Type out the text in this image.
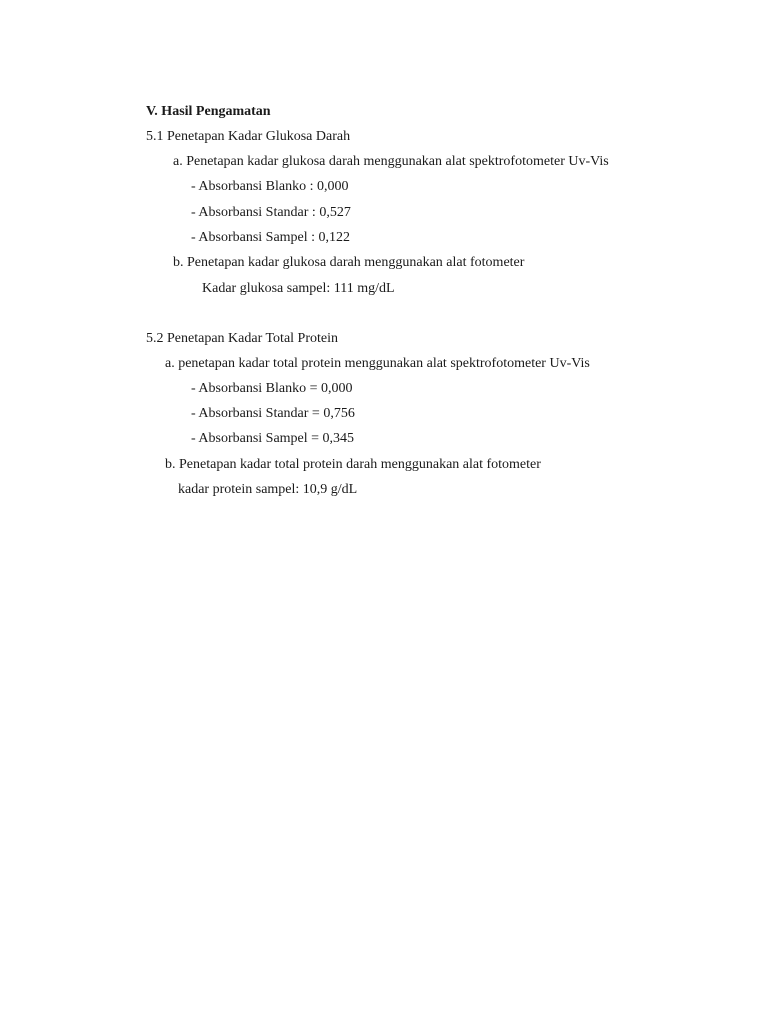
V. Hasil Pengamatan
5.1 Penetapan Kadar Glukosa Darah
a. Penetapan kadar glukosa darah menggunakan alat spektrofotometer Uv-Vis
- Absorbansi Blanko : 0,000
- Absorbansi Standar : 0,527
- Absorbansi Sampel : 0,122
b. Penetapan kadar glukosa darah menggunakan alat fotometer
Kadar glukosa sampel: 111 mg/dL
5.2 Penetapan Kadar Total Protein
a. penetapan kadar total protein menggunakan alat spektrofotometer Uv-Vis
- Absorbansi Blanko = 0,000
- Absorbansi Standar = 0,756
- Absorbansi Sampel = 0,345
b. Penetapan kadar total protein darah menggunakan alat fotometer
kadar protein sampel: 10,9 g/dL
